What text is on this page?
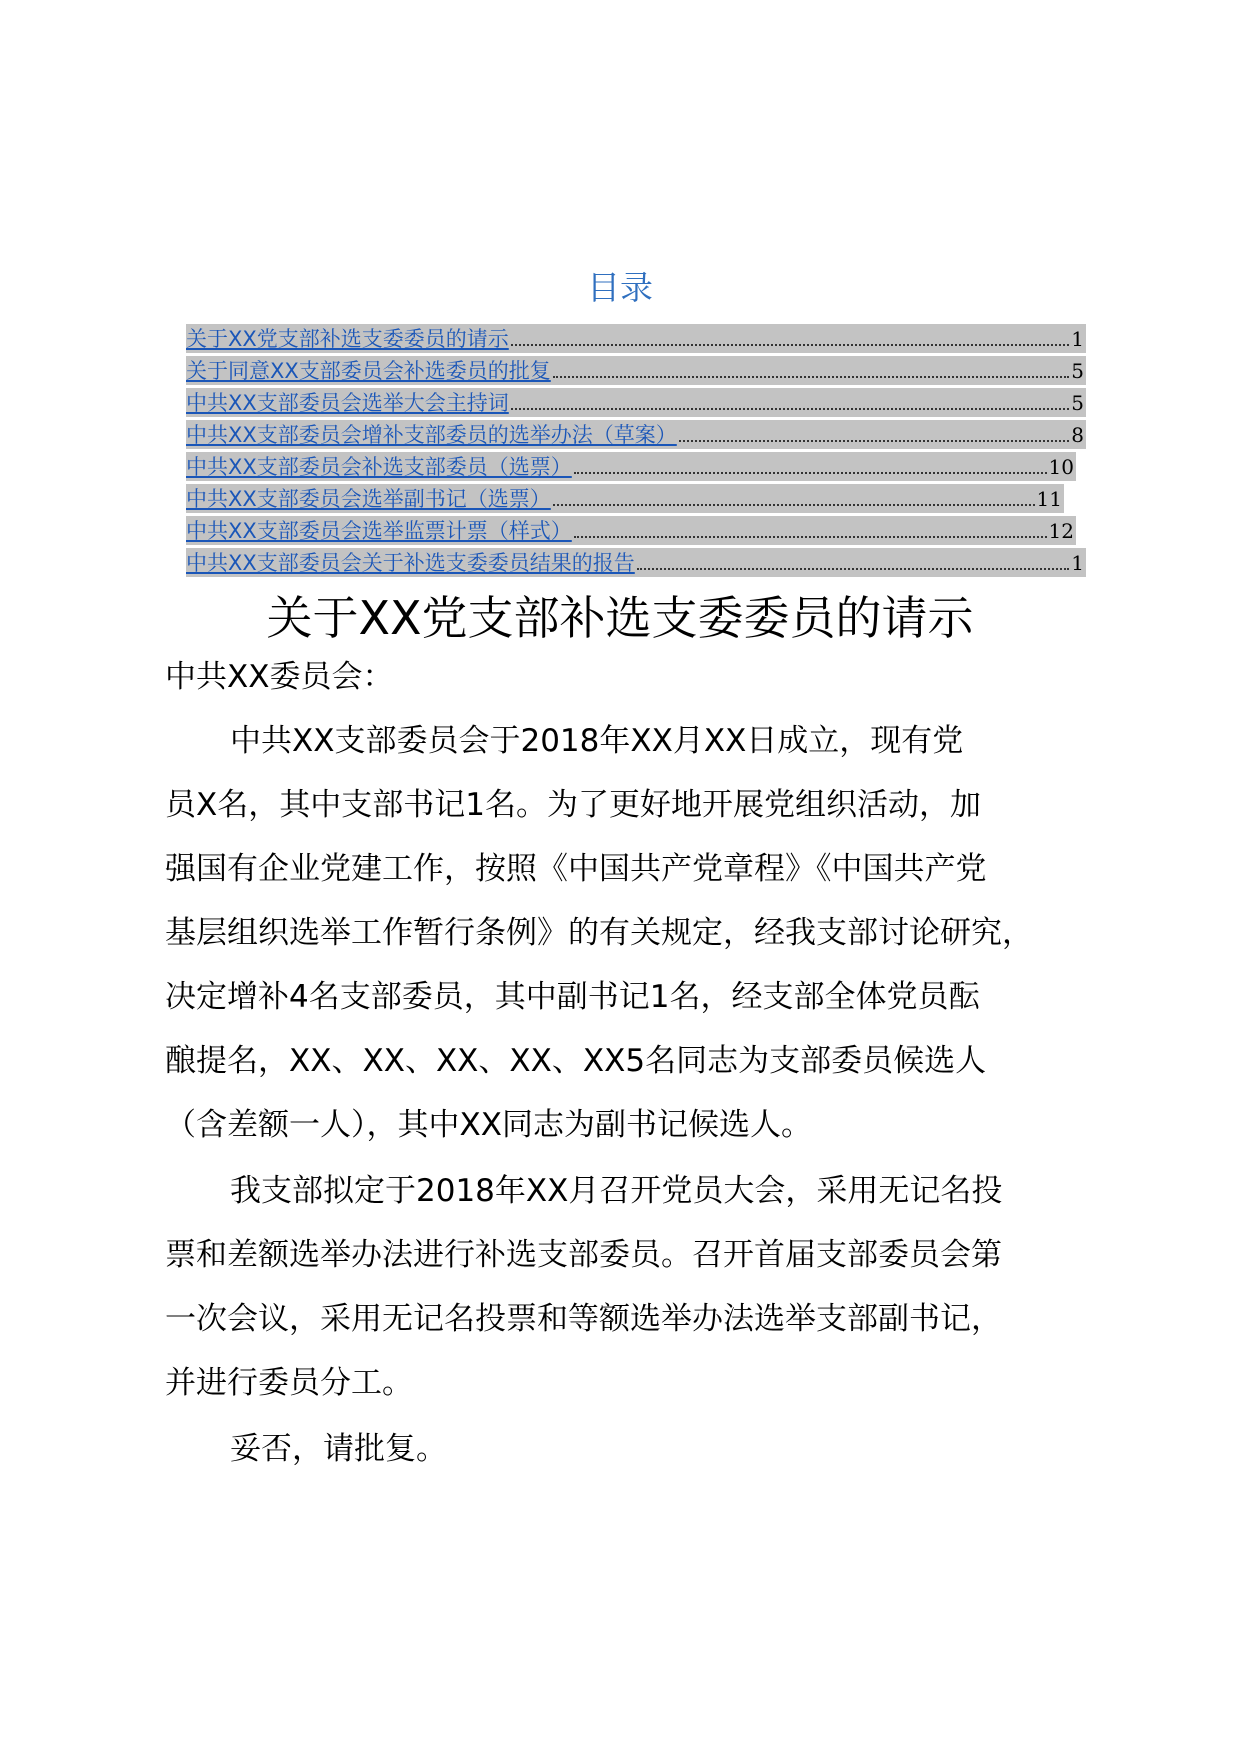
目录
关于XX党支部补选支委委员的请示	1
关于同意XX支部委员会补选委员的批复	5
中共XX支部委员会选举大会主持词	5
中共XX支部委员会增补支部委员的选举办法（草案）	8
中共XX支部委员会补选支部委员（选票）	10
中共XX支部委员会选举副书记（选票）	11
中共XX支部委员会选举监票计票（样式）	12
中共XX支部委员会关于补选支委委员结果的报告	1
关于XX党支部补选支委委员的请示
中共XX委员会：
中共XX支部委员会于2018年XX月XX日成立，现有党
员X名，其中支部书记1名。为了更好地开展党组织活动，加
强国有企业党建工作，按照《中国共产党章程》《中国共产党
基层组织选举工作暂行条例》的有关规定，经我支部讨论研究，
决定增补4名支部委员，其中副书记1名，经支部全体党员酝
酿提名，XX、XX、XX、XX、XX5名同志为支部委员候选人
（含差额一人），其中XX同志为副书记候选人。
我支部拟定于2018年XX月召开党员大会，采用无记名投
票和差额选举办法进行补选支部委员。召开首届支部委员会第
一次会议，采用无记名投票和等额选举办法选举支部副书记，
并进行委员分工。
妥否，请批复。
